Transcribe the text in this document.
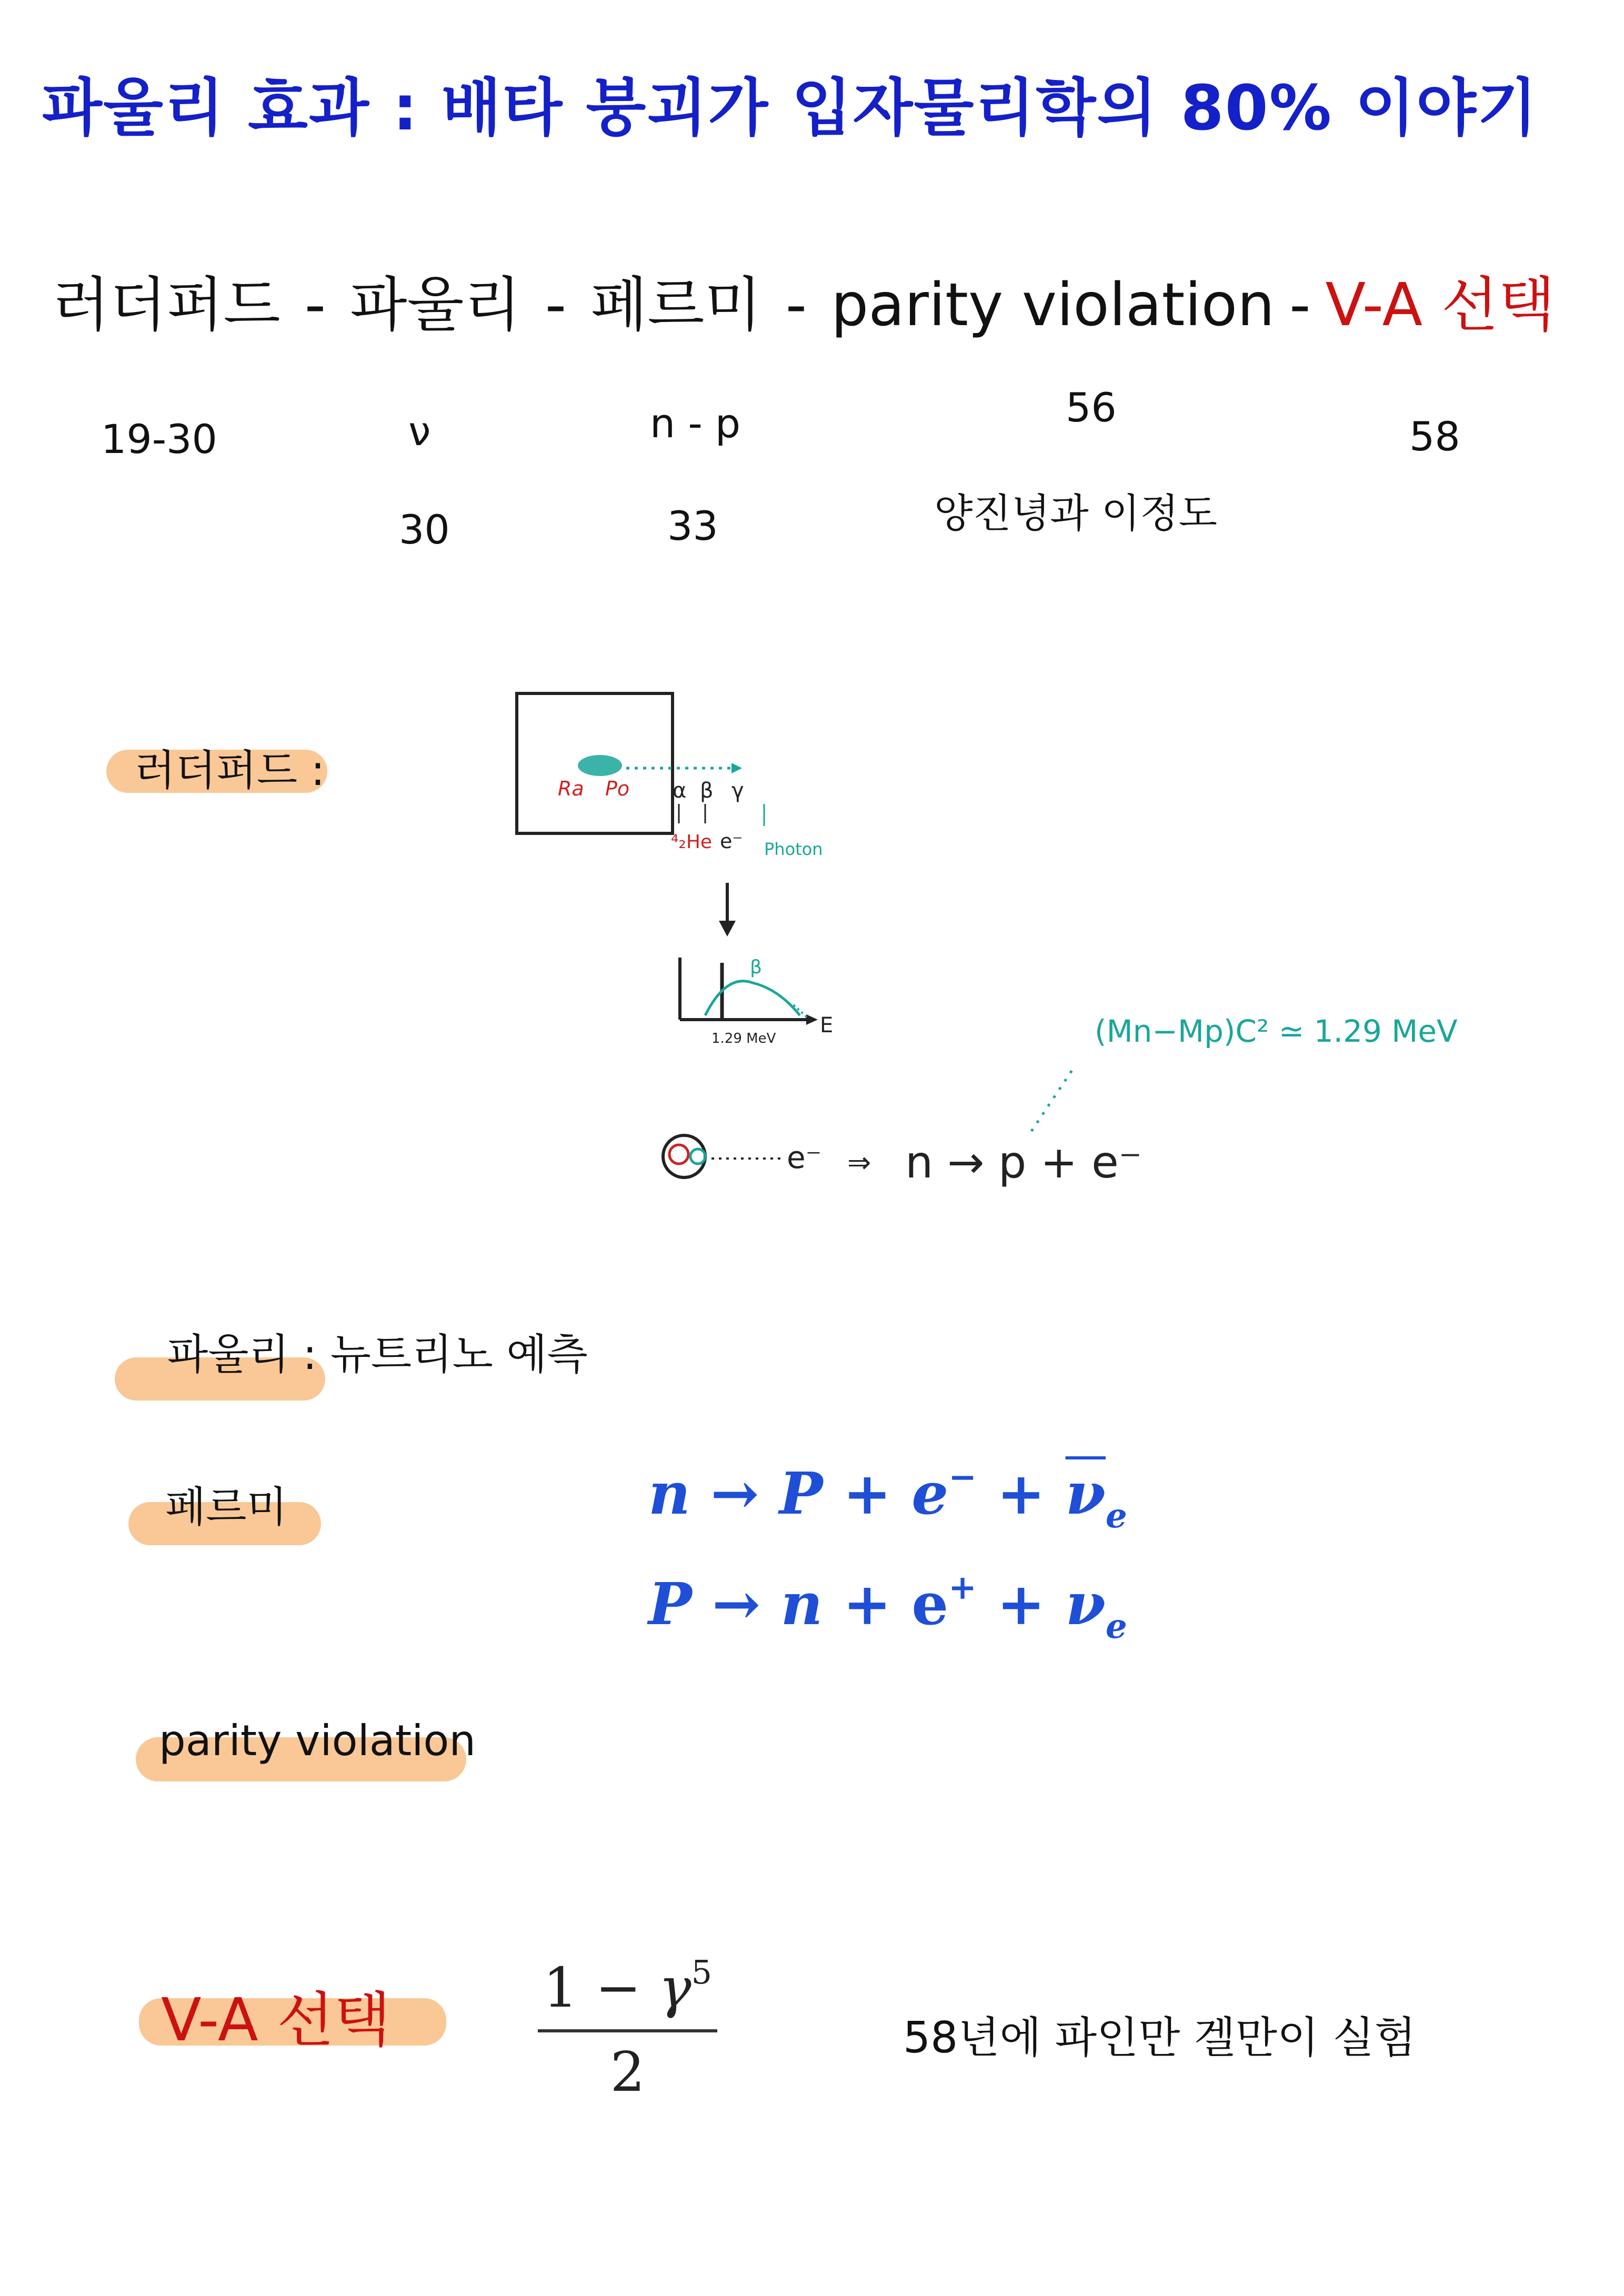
파울리 효과 : 배타 붕괴가 입자물리학의 80% 이야기
러더퍼드 - 파울리 - 페르미 - parity violation - V-A 선택
19-30	ν
30
n - p
33
56
양진녕과 이정도
58
러더퍼드 :	Ra Po α β γ
⁴₂He e⁻ Photon
β
E
1.29 MeV	(Mn−Mp)C² ≃ 1.29 MeV
e⁻ ⇒ n → p + e⁻
파울리 : 뉴트리노 예측
페르미	$n \to P + e^- + \overline{\nu}_e$
$P \to n + e^+ + \nu_e$
parity violation
V-A 선택	$1 - \gamma^5$
2
58년에 파인만 겔만이 실험
